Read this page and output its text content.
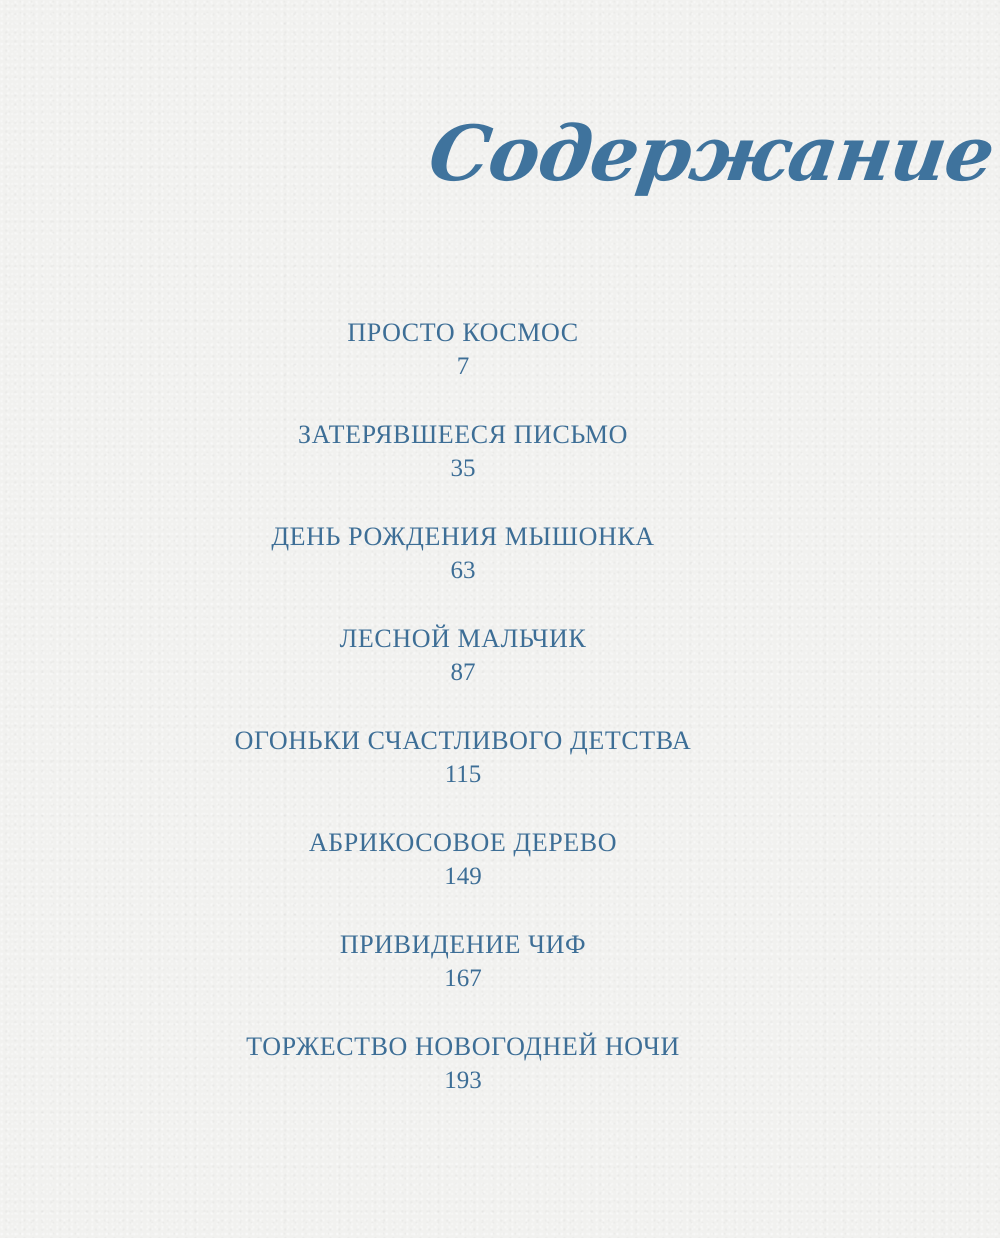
Содержание
ПРОСТО КОСМОС
7
ЗАТЕРЯВШЕЕСЯ ПИСЬМО
35
ДЕНЬ РОЖДЕНИЯ МЫШОНКА
63
ЛЕСНОЙ МАЛЬЧИК
87
ОГОНЬКИ СЧАСТЛИВОГО ДЕТСТВА
115
АБРИКОСОВОЕ ДЕРЕВО
149
ПРИВИДЕНИЕ ЧИФ
167
ТОРЖЕСТВО НОВОГОДНЕЙ НОЧИ
193
